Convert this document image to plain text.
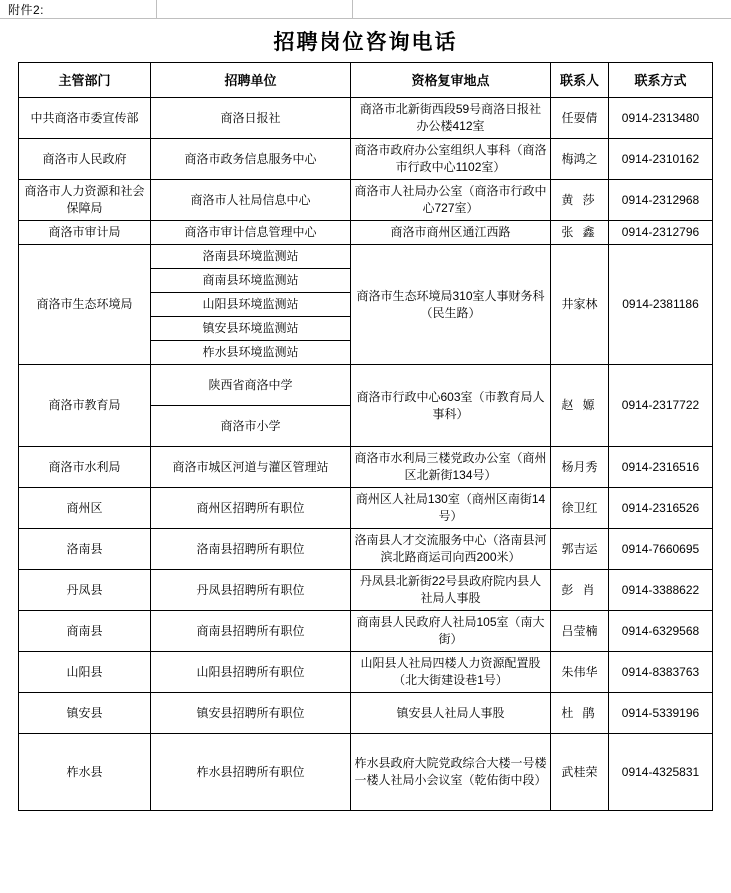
附件2:
招聘岗位咨询电话
主管部门	招聘单位	资格复审地点	联系人	联系方式
中共商洛市委宣传部	商洛日报社	商洛市北新街西段59号商洛日报社办公楼412室	任耍倩	0914-2313480
商洛市人民政府	商洛市政务信息服务中心	商洛市政府办公室组织人事科（商洛市行政中心1102室）	梅鸿之	0914-2310162
商洛市人力资源和社会保障局	商洛市人社局信息中心	商洛市人社局办公室（商洛市行政中心727室）	黄 莎	0914-2312968
商洛市审计局	商洛市审计信息管理中心	商洛市商州区通江西路	张 鑫	0914-2312796
商洛市生态环境局	洛南县环境监测站	商洛市生态环境局310室人事财务科（民生路）	井家林	0914-2381186
	商南县环境监测站			
	山阳县环境监测站			
	镇安县环境监测站			
	柞水县环境监测站			
商洛市教育局	陕西省商洛中学	商洛市行政中心603室（市教育局人事科）	赵 嫄	0914-2317722
	商洛市小学			
商洛市水利局	商洛市城区河道与灌区管理站	商洛市水利局三楼党政办公室（商州区北新街134号）	杨月秀	0914-2316516
商州区	商州区招聘所有职位	商州区人社局130室（商州区南街14号）	徐卫红	0914-2316526
洛南县	洛南县招聘所有职位	洛南县人才交流服务中心（洛南县河滨北路商运司向西200米）	郭吉运	0914-7660695
丹凤县	丹凤县招聘所有职位	丹凤县北新街22号县政府院内县人社局人事股	彭 肖	0914-3388622
商南县	商南县招聘所有职位	商南县人民政府人社局105室（南大街）	吕莹楠	0914-6329568
山阳县	山阳县招聘所有职位	山阳县人社局四楼人力资源配置股（北大街建设巷1号）	朱伟华	0914-8383763
镇安县	镇安县招聘所有职位	镇安县人社局人事股	杜 鹃	0914-5339196
柞水县	柞水县招聘所有职位	柞水县政府大院党政综合大楼一号楼一楼人社局小会议室（乾佑街中段）	武桂荣	0914-4325831
